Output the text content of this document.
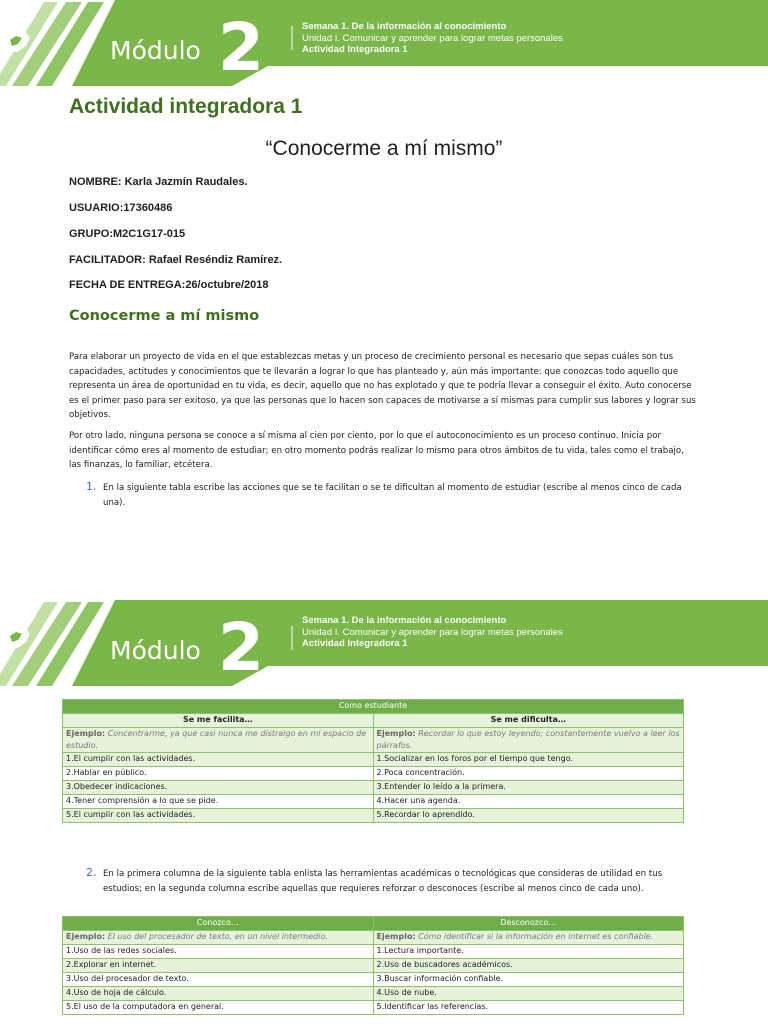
Módulo 2	Semana 1. De la información al conocimiento
Unidad I. Comunicar y aprender para lograr metas personales
Actividad Integradora 1
Actividad integradora 1
“Conocerme a mí mismo”
NOMBRE: Karla Jazmín Raudales.
USUARIO:17360486
GRUPO:M2C1G17-015
FACILITADOR: Rafael Reséndiz Ramírez.
FECHA DE ENTREGA:26/octubre/2018
Conocerme a mí mismo
Para elaborar un proyecto de vida en el que establezcas metas y un proceso de crecimiento personal es necesario que sepas cuáles son tus capacidades, actitudes y conocimientos que te llevarán a lograr lo que has planteado y, aún más importante: que conozcas todo aquello que representa un área de oportunidad en tu vida, es decir, aquello que no has explotado y que te podría llevar a conseguir el éxito. Auto conocerse es el primer paso para ser exitoso, ya que las personas que lo hacen son capaces de motivarse a sí mismas para cumplir sus labores y lograr sus objetivos.
Por otro lado, ninguna persona se conoce a sí misma al cien por ciento, por lo que el autoconocimiento es un proceso continuo. Inicia por identificar cómo eres al momento de estudiar; en otro momento podrás realizar lo mismo para otros ámbitos de tu vida, tales como el trabajo, las finanzas, lo familiar, etcétera.
1. En la siguiente tabla escribe las acciones que se te facilitan o se te dificultan al momento de estudiar (escribe al menos cinco de cada una).
Módulo 2	Semana 1. De la información al conocimiento
Unidad I. Comunicar y aprender para lograr metas personales
Actividad Integradora 1
Como estudiante	
Se me facilita…	Se me dificulta…
Ejemplo: Concentrarme, ya que casi nunca me distraigo en mi espacio de estudio.	Ejemplo: Recordar lo que estoy leyendo; constantemente vuelvo a leer los párrafos.
1.El cumplir con las actividades.	1.Socializar en los foros por el tiempo que tengo.
2.Hablar en público.	2.Poca concentración.
3.Obedecer indicaciones.	3.Entender lo leído a la primera.
4.Tener comprensión a lo que se pide.	4.Hacer una agenda.
5.El cumplir con las actividades.	5.Recordar lo aprendido.
2. En la primera columna de la siguiente tabla enlista las herramientas académicas o tecnológicas que consideras de utilidad en tus estudios; en la segunda columna escribe aquellas que requieres reforzar o desconoces (escribe al menos cinco de cada uno).
Conozco…	Desconozco…
Ejemplo: El uso del procesador de texto, en un nivel intermedio.	Ejemplo: Cómo identificar si la información en internet es confiable.
1.Uso de las redes sociales.	1.Lectura importante.
2.Explorar en internet.	2.Uso de buscadores académicos.
3.Uso del procesador de texto.	3.Buscar información confiable.
4.Uso de hoja de cálculo.	4.Uso de nube.
5.El uso de la computadora en general.	5.Identificar las referencias.
